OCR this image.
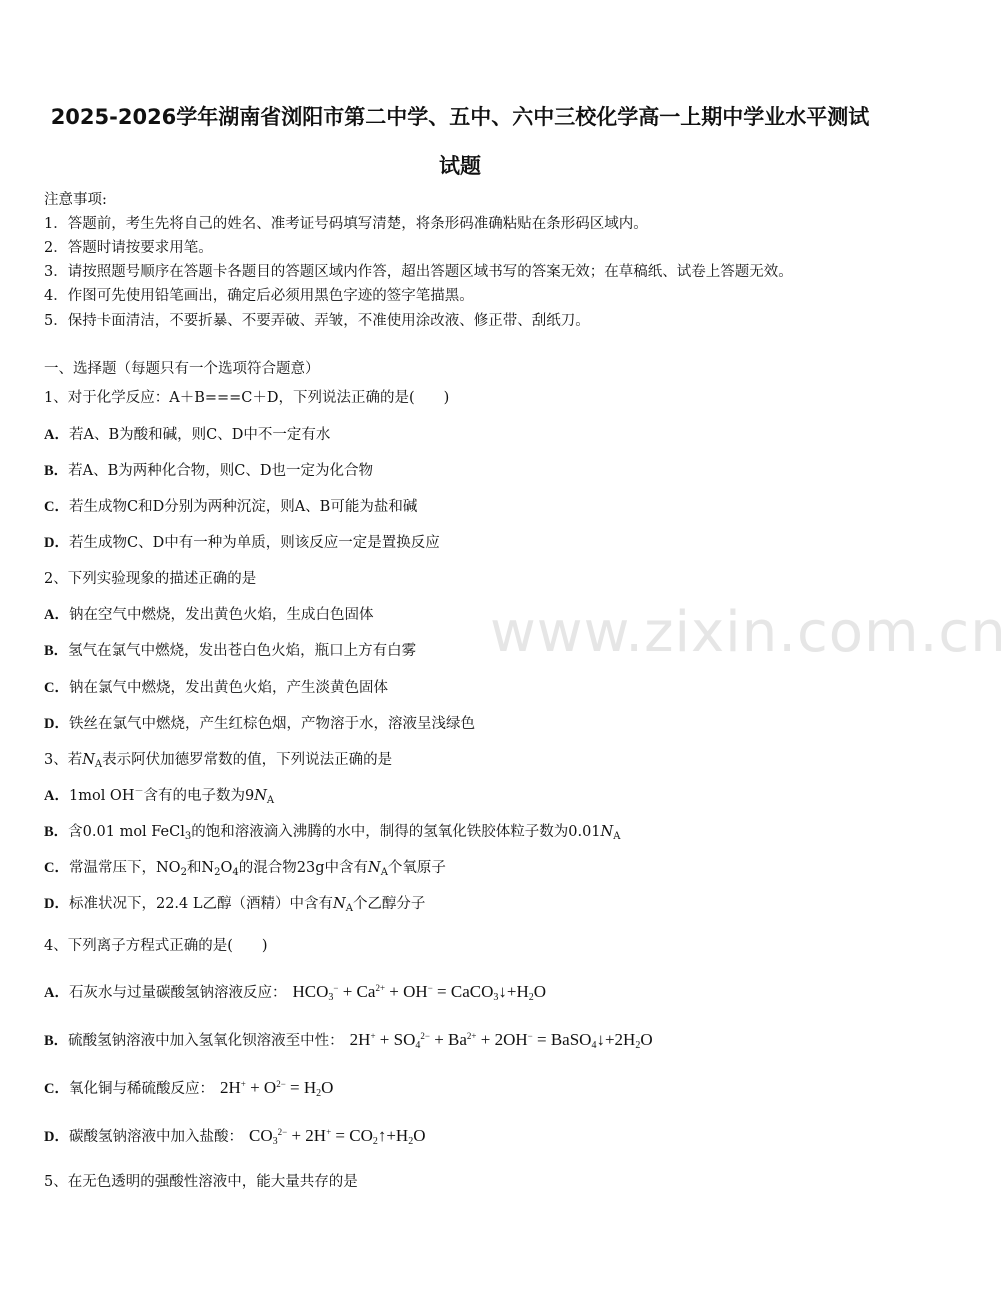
2025-2026学年湖南省浏阳市第二中学、五中、六中三校化学高一上期中学业水平测试
试题
www.zixin.com.cn
注意事项:
1．答题前，考生先将自己的姓名、准考证号码填写清楚，将条形码准确粘贴在条形码区域内。
2．答题时请按要求用笔。
3．请按照题号顺序在答题卡各题目的答题区域内作答，超出答题区域书写的答案无效；在草稿纸、试卷上答题无效。
4．作图可先使用铅笔画出，确定后必须用黑色字迹的签字笔描黑。
5．保持卡面清洁，不要折暴、不要弄破、弄皱，不准使用涂改液、修正带、刮纸刀。
一、选择题（每题只有一个选项符合题意）
1、对于化学反应：A＋B===C＋D，下列说法正确的是(　　)
A．若A、B为酸和碱，则C、D中不一定有水
B．若A、B为两种化合物，则C、D也一定为化合物
C．若生成物C和D分别为两种沉淀，则A、B可能为盐和碱
D．若生成物C、D中有一种为单质，则该反应一定是置换反应
2、下列实验现象的描述正确的是
A．钠在空气中燃烧，发出黄色火焰，生成白色固体
B．氢气在氯气中燃烧，发出苍白色火焰，瓶口上方有白雾
C．钠在氯气中燃烧，发出黄色火焰，产生淡黄色固体
D．铁丝在氯气中燃烧，产生红棕色烟，产物溶于水，溶液呈浅绿色
3、若$N_A$表示阿伏加德罗常数的值，下列说法正确的是
A．1mol OH－含有的电子数为$9N_A$
B．含0.01 mol FeCl$_3$的饱和溶液滴入沸腾的水中，制得的氢氧化铁胶体粒子数为$0.01N_A$
C．常温常压下，$NO_2$和$N_2O_4$的混合物23g中含有$N_A$个氧原子
D．标准状况下，22.4 L乙醇（酒精）中含有$N_A$个乙醇分子
4、下列离子方程式正确的是(　　)
A．石灰水与过量碳酸氢钠溶液反应： $HCO_3^- + Ca^{2+} + OH^-$ = $CaCO_3↓+H_2O$
B．硫酸氢钠溶液中加入氢氧化钡溶液至中性： $2H^+ + SO_4^{2-} + Ba^{2+} + 2OH^-$ = $BaSO_4↓+2H_2O$
C．氧化铜与稀硫酸反应： $2H^+ + O^{2-} = H_2O$
D．碳酸氢钠溶液中加入盐酸： $CO_3^{2-} + 2H^+$ = $CO_2↑+H_2O$
5、在无色透明的强酸性溶液中，能大量共存的是
